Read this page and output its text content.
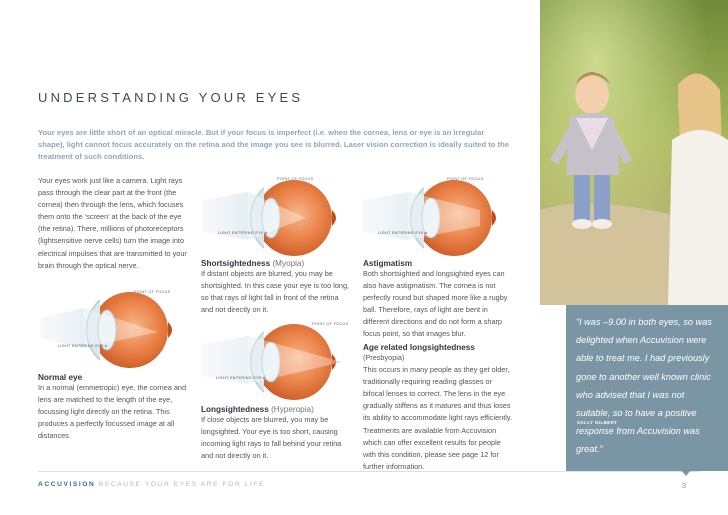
UNDERSTANDING YOUR EYES
Your eyes are little short of an optical miracle. But if your focus is imperfect (i.e. when the cornea, lens or eye is an irregular shape), light cannot focus accurately on the retina and the image you see is blurred. Laser vision correction is ideally suited to the treatment of such conditions.
Your eyes work just like a camera. Light rays pass through the clear part at the front (the cornea) then through the lens, which focuses them onto the ‘screen’ at the back of the eye (the retina). There, millions of photoreceptors (lightsensitive nerve cells) turn the image into electrical impulses that are transmitted to your brain through the optical nerve.
POINT OF FOCUS
LIGHT ENTERING EYE ▸
POINT OF FOCUS
LIGHT ENTERING EYE ▸
POINT OF FOCUS
LIGHT ENTERING EYE ▸
POINT OF FOCUS
LIGHT ENTERING EYE ▸
Normal eye
In a normal (emmetropic) eye, the cornea and lens are matched to the length of the eye, focussing light directly on the retina. This produces a perfectly focussed image at all distances.
Shortsightedness (Myopia)
If distant objects are blurred, you may be shortsighted. In this case your eye is too long, so that rays of light fall in front of the retina and not directly on it.
Longsightedness (Hyperopia)
If close objects are blurred, you may be longsighted. Your eye is too short, causing incoming light rays to fall behind your retina and not directly on it.
Astigmatism
Both shortsighted and longsighted eyes can also have astigmatism. The cornea is not perfectly round but shaped more like a rugby ball. Therefore, rays of light are bent in different directions and do not form a sharp focus point, so that images blur.
Age related longsightedness
(Presbyopia)
This occurs in many people as they get older, traditionally requiring reading glasses or bifocal lenses to correct. The lens in the eye gradually stiffens as it matures and thus loses its ability to accommodate light rays efficiently. Treatments are available from Accuvision which can offer excellent results for people with this condition, please see page 12 for further information.
“I was –9.00 in both eyes, so was delighted when Accuvision were able to treat me. I had previously gone to another well known clinic who advised that I was not suitable, so to have a positive response from Accuvision was great.”
SALLY GILBERT
ACCUVISION BECAUSE YOUR EYES ARE FOR LIFE	3
